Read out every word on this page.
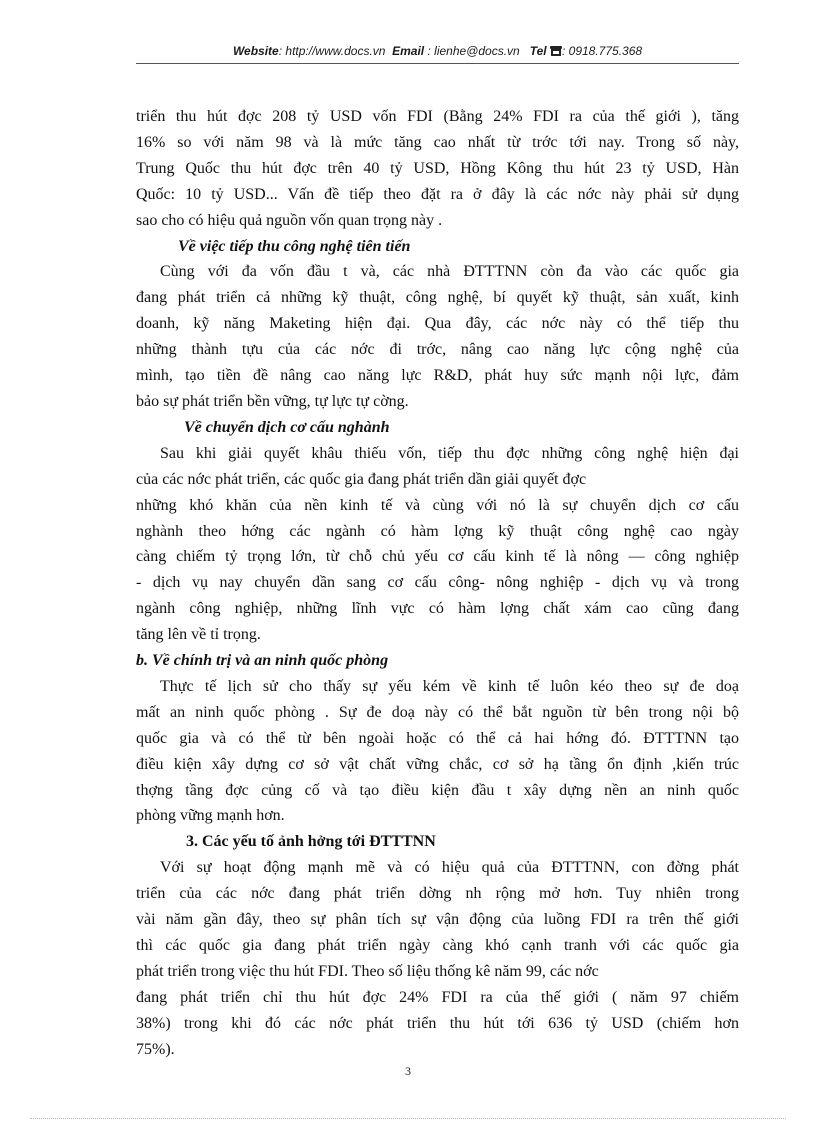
Website: http://www.docs.vn Email : lienhe@docs.vn Tel : 0918.775.368

triển thu hút đợc 208 tỷ USD vốn FDI (Bằng 24% FDI ra của thế giới ), tăng

16% so với năm 98 và là mức tăng cao nhất từ trớc tới nay. Trong số này,

Trung Quốc thu hút đợc trên 40 tỷ USD, Hồng Kông thu hút 23 tỷ USD, Hàn

Quốc: 10 tỷ USD... Vấn đề tiếp theo đặt ra ở đây là các nớc này phải sử dụng

sao cho có hiệu quả nguồn vốn quan trọng này .

Về việc tiếp thu công nghệ tiên tiến

Cùng với đa vốn đầu t và, các nhà ĐTTTNN còn đa vào các quốc gia

đang phát triển cả những kỹ thuật, công nghệ, bí quyết kỹ thuật, sản xuất, kinh

doanh, kỹ năng Maketing hiện đại. Qua đây, các nớc này có thể tiếp thu

những thành tựu của các nớc đi trớc, nâng cao năng lực cộng nghệ của

mình, tạo tiền đề nâng cao năng lực R&D, phát huy sức mạnh nội lực, đảm

bảo sự phát triển bền vững, tự lực tự cờng.

Về chuyển dịch cơ cấu nghành

Sau khi giải quyết khâu thiếu vốn, tiếp thu đợc những công nghệ hiện đại

của các nớc phát triển, các quốc gia đang phát triển dần giải quyết đợc

những khó khăn của nền kinh tế và cùng với nó là sự chuyển dịch cơ cấu

nghành theo hớng các ngành có hàm lợng kỹ thuật công nghệ cao ngày

càng chiếm tỷ trọng lớn, từ chỗ chủ yếu cơ cấu kinh tế là nông — công nghiệp

- dịch vụ nay chuyển dần sang cơ cấu công- nông nghiệp - dịch vụ và trong

ngành công nghiệp, những lĩnh vực có hàm lợng chất xám cao cũng đang

tăng lên về tỉ trọng.

b. Về chính trị và an ninh quốc phòng

Thực tế lịch sử cho thấy sự yếu kém về kinh tế luôn kéo theo sự đe doạ

mất an ninh quốc phòng . Sự đe doạ này có thể bắt nguồn từ bên trong nội bộ

quốc gia và có thể từ bên ngoài hoặc có thể cả hai hớng đó. ĐTTTNN tạo

điều kiện xây dựng cơ sở vật chất vững chắc, cơ sở hạ tầng ổn định ,kiến trúc

thợng tầng đợc củng cố và tạo điều kiện đầu t xây dựng nền an ninh quốc

phòng vững mạnh hơn.

3. Các yếu tố ảnh hởng tới ĐTTTNN

Với sự hoạt động mạnh mẽ và có hiệu quả của ĐTTTNN, con đờng phát

triển của các nớc đang phát triển dờng nh rộng mở hơn. Tuy nhiên trong

vài năm gần đây, theo sự phân tích sự vận động của luồng FDI ra trên thế giới

thì các quốc gia đang phát triển ngày càng khó cạnh tranh với các quốc gia

phát triển trong việc thu hút FDI. Theo số liệu thống kê năm 99, các nớc

đang phát triển chỉ thu hút đợc 24% FDI ra của thế giới ( năm 97 chiếm

38%) trong khi đó các nớc phát triển thu hút tới 636 tỷ USD (chiếm hơn

75%).

3
